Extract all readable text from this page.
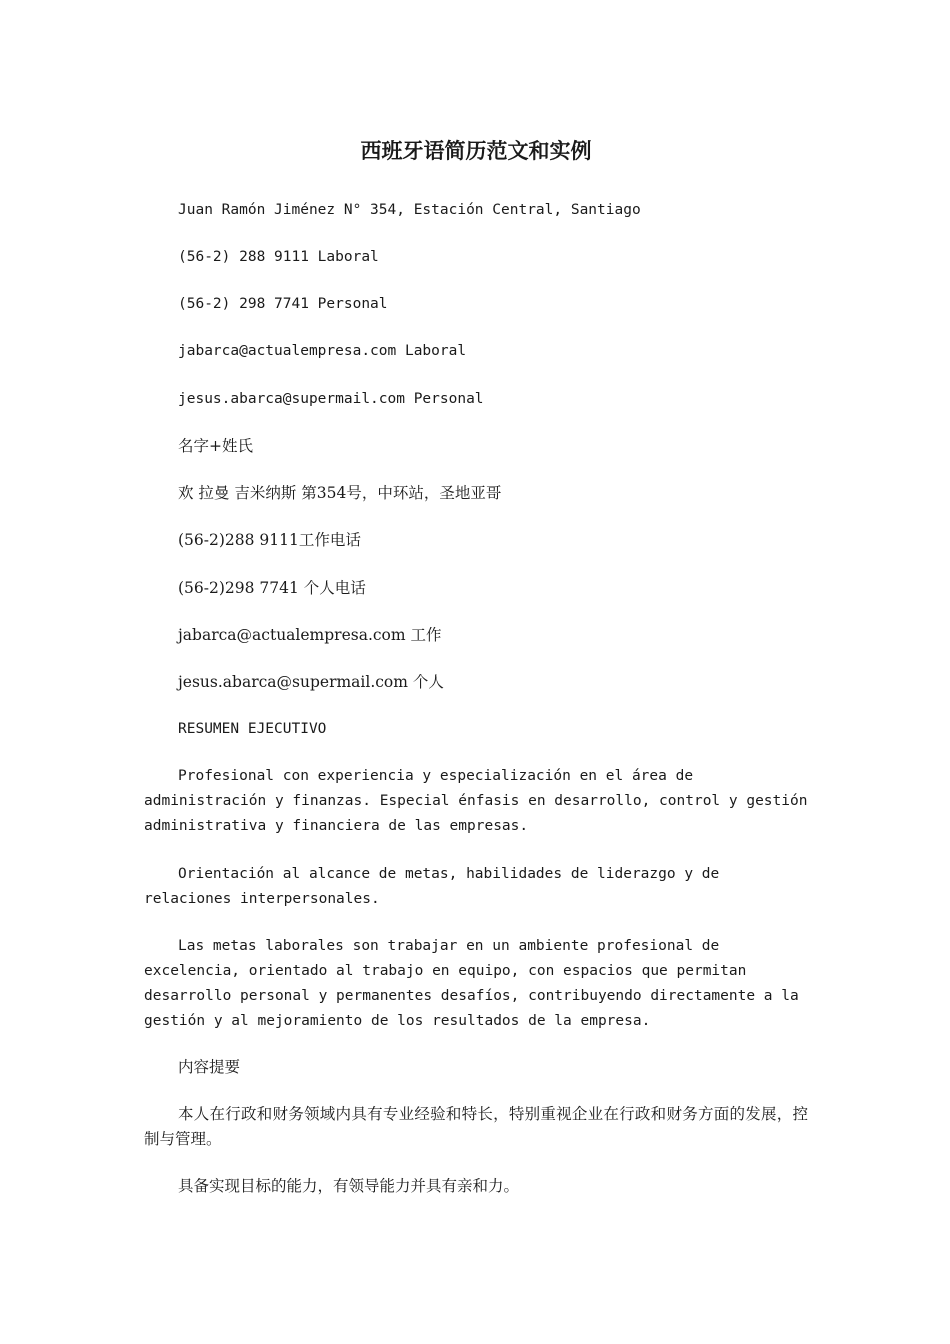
西班牙语简历范文和实例

Juan Ramón Jiménez N° 354, Estación Central, Santiago

(56-2) 288 9111 Laboral

(56-2) 298 7741 Personal

jabarca@actualempresa.com Laboral

jesus.abarca@supermail.com Personal

名字+姓氏

欢 拉曼 吉米纳斯 第354号，中环站，圣地亚哥

(56-2)288 9111工作电话

(56-2)298 7741 个人电话

jabarca@actualempresa.com 工作

jesus.abarca@supermail.com 个人

RESUMEN EJECUTIVO

Profesional con experiencia y especialización en el área de administración y finanzas. Especial énfasis en desarrollo, control y gestión administrativa y financiera de las empresas.

Orientación al alcance de metas, habilidades de liderazgo y de relaciones interpersonales.

Las metas laborales son trabajar en un ambiente profesional de excelencia, orientado al trabajo en equipo, con espacios que permitan desarrollo personal y permanentes desafíos, contribuyendo directamente a la gestión y al mejoramiento de los resultados de la empresa.

内容提要

本人在行政和财务领域内具有专业经验和特长，特别重视企业在行政和财务方面的发展，控制与管理。

具备实现目标的能力，有领导能力并具有亲和力。
